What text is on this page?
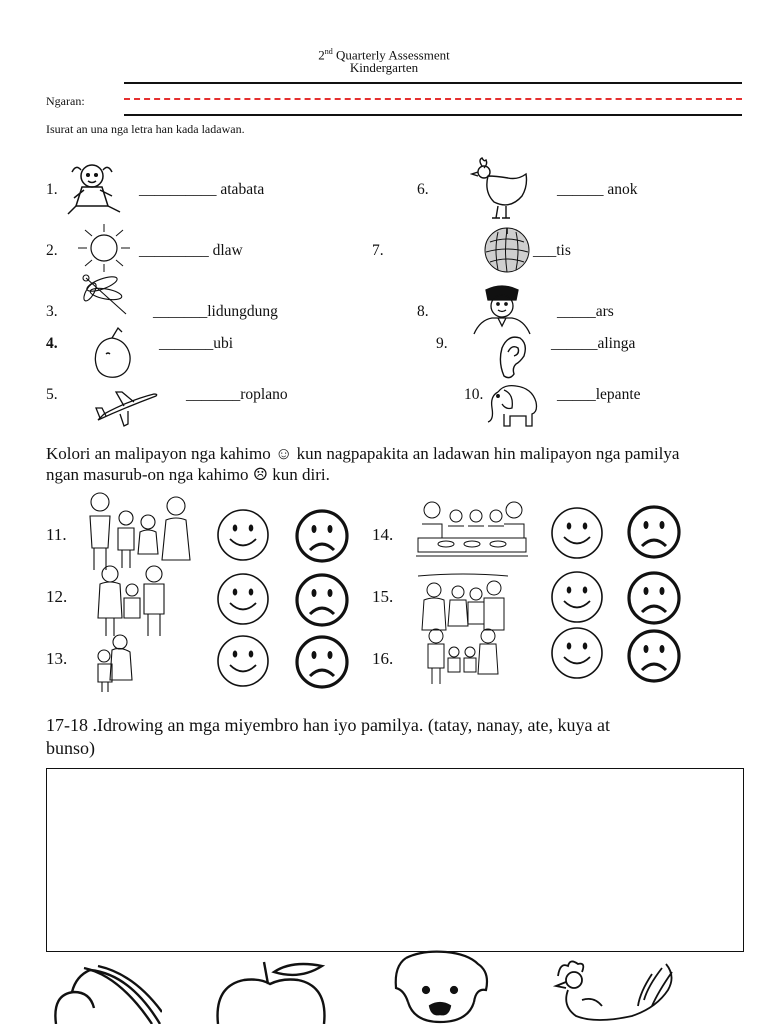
2nd Quarterly Assessment
Kindergarten
Ngaran:
Isurat an una nga letra han kada ladawan.
1.	__________ atabata
2.	_________ dlaw
3.	_______lidungdung
4.	_______ubi
5.	_______roplano
6.	______ anok
7.	___tis
8.	_____ars
9.	______alinga
10.	_____lepante
Kolori an malipayon nga kahimo ☺ kun nagpapakita an ladawan hin malipayon nga pamilya
ngan masurub-on nga kahimo ☹ kun diri.
11.
12.
13.
14.
15.
16.
17-18 .Idrowing an mga miyembro han iyo pamilya. (tatay, nanay, ate, kuya at
bunso)
